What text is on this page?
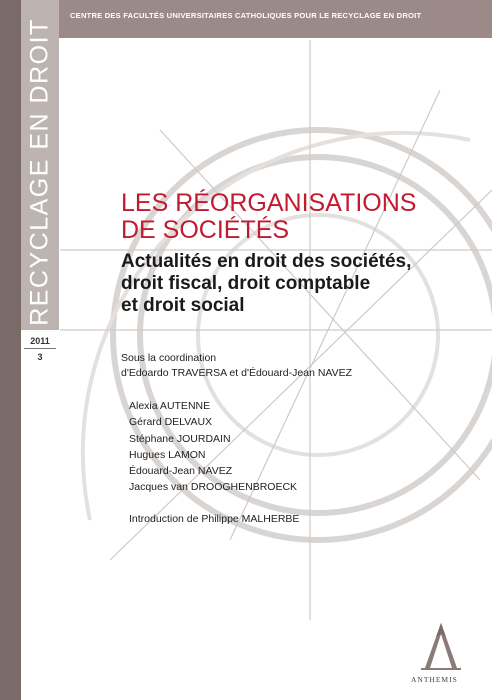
RECYCLAGE EN DROIT
2011
3
CENTRE DES FACULTÉS UNIVERSITAIRES CATHOLIQUES POUR LE RECYCLAGE EN DROIT
LES RÉORGANISATIONS
DE SOCIÉTÉS
Actualités en droit des sociétés,
droit fiscal, droit comptable
et droit social
Sous la coordination
d'Edoardo TRAVERSA et d'Édouard-Jean NAVEZ
Alexia AUTENNE
Gérard DELVAUX
Stéphane JOURDAIN
Hugues LAMON
Édouard-Jean NAVEZ
Jacques van DROOGHENBROECK
Introduction de Philippe MALHERBE
ANTHEMIS
